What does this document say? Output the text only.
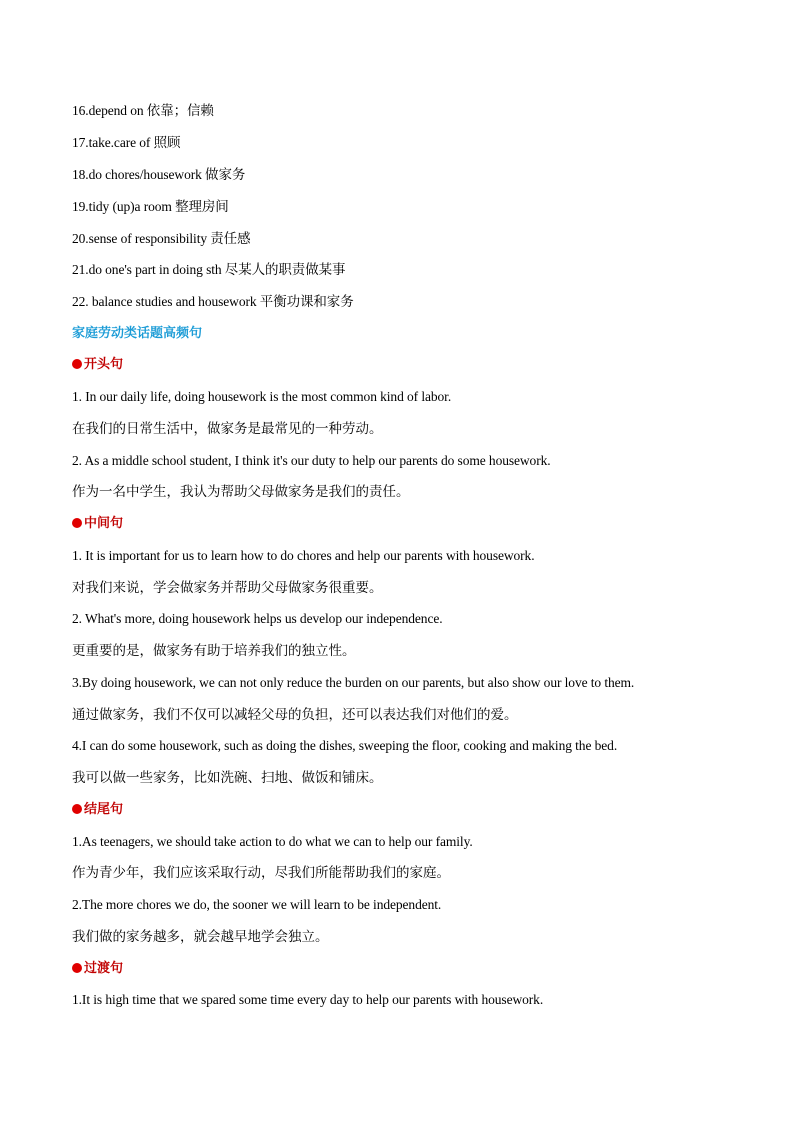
16.depend on 依靠；信赖
17.take.care of 照顾
18.do chores/housework 做家务
19.tidy (up)a room 整理房间
20.sense of responsibility 责任感
21.do one's part in doing sth 尽某人的职责做某事
22. balance studies and housework 平衡功课和家务
家庭劳动类话题高频句
开头句
1. In our daily life, doing housework is the most common kind of labor.
在我们的日常生活中，做家务是最常见的一种劳动。
2. As a middle school student, I think it's our duty to help our parents do some housework.
作为一名中学生，我认为帮助父母做家务是我们的责任。
中间句
1. It is important for us to learn how to do chores and help our parents with housework.
对我们来说，学会做家务并帮助父母做家务很重要。
2. What's more, doing housework helps us develop our independence.
更重要的是，做家务有助于培养我们的独立性。
3.By doing housework, we can not only reduce the burden on our parents, but also show our love to them.
通过做家务，我们不仅可以减轻父母的负担，还可以表达我们对他们的爱。
4.I can do some housework, such as doing the dishes, sweeping the floor, cooking and making the bed.
我可以做一些家务，比如洗碗、扫地、做饭和铺床。
结尾句
1.As teenagers, we should take action to do what we can to help our family.
作为青少年，我们应该采取行动，尽我们所能帮助我们的家庭。
2.The more chores we do, the sooner we will learn to be independent.
我们做的家务越多，就会越早地学会独立。
过渡句
1.It is high time that we spared some time every day to help our parents with housework.
